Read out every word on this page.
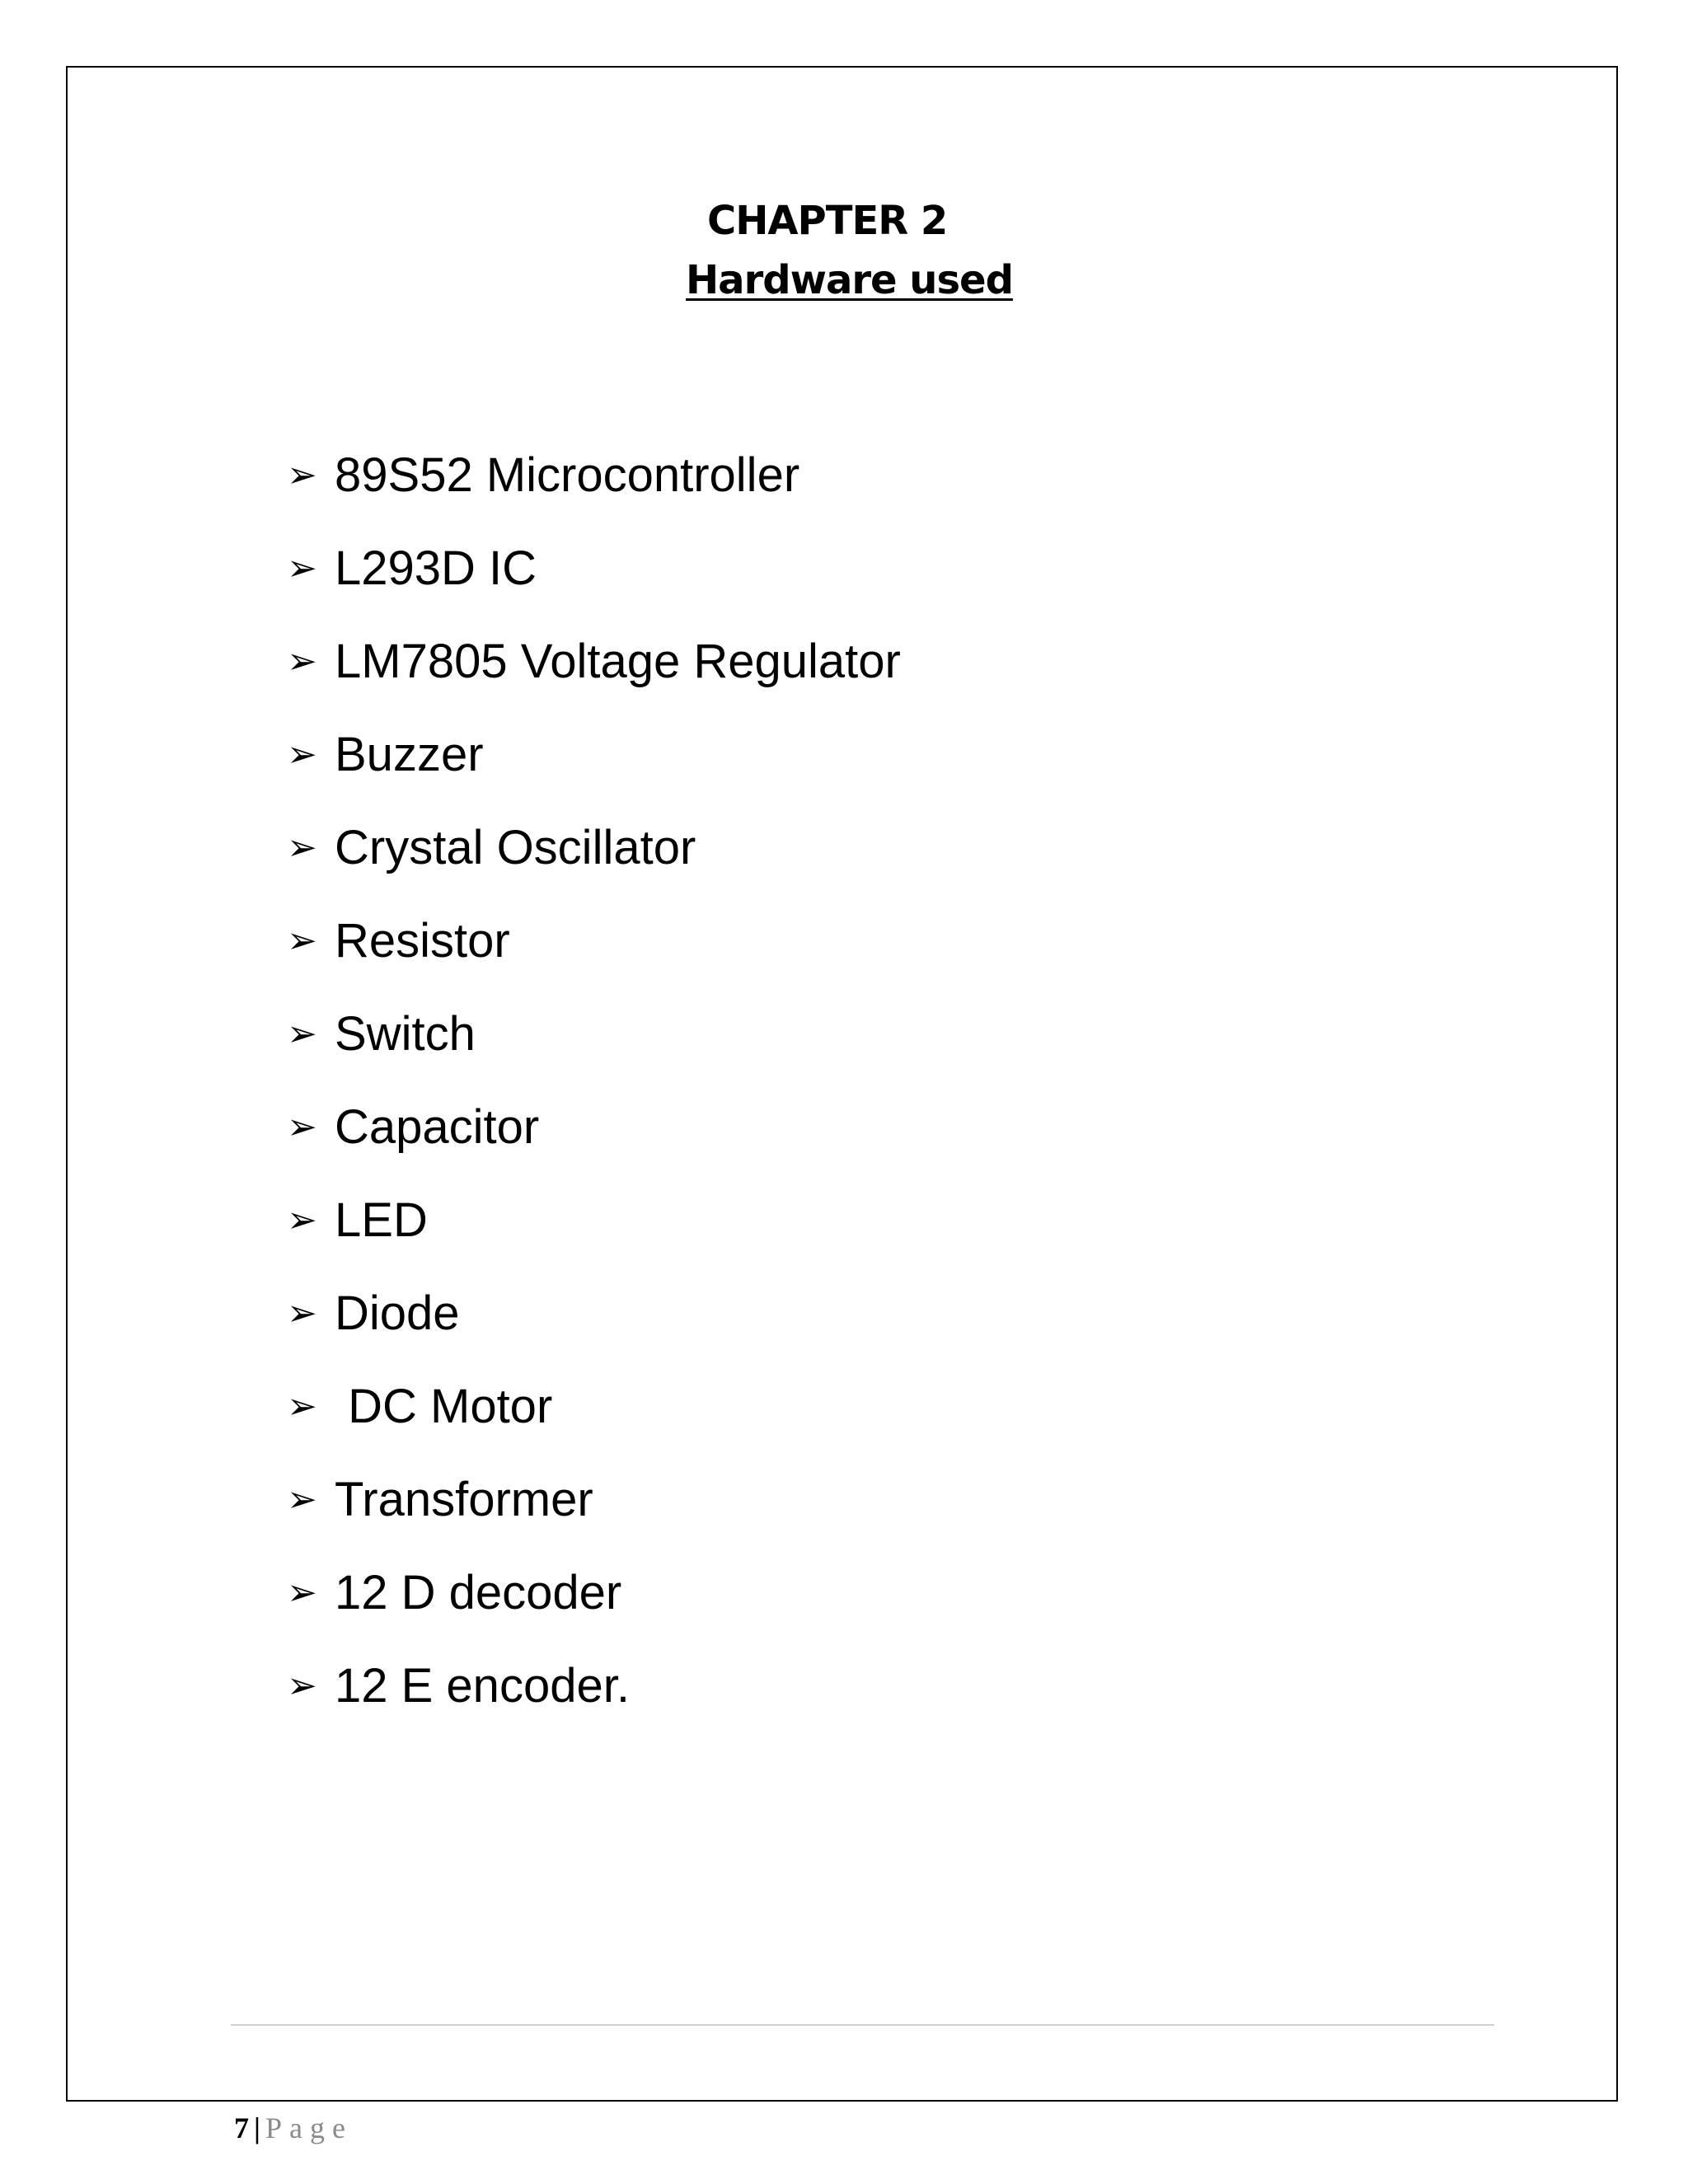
CHAPTER 2
Hardware used
➢ 89S52 Microcontroller
➢ L293D IC
➢ LM7805 Voltage Regulator
➢ Buzzer
➢ Crystal Oscillator
➢ Resistor
➢ Switch
➢ Capacitor
➢ LED
➢ Diode
➢ DC Motor
➢ Transformer
➢ 12 D decoder
➢ 12 E encoder.
7 | Page
